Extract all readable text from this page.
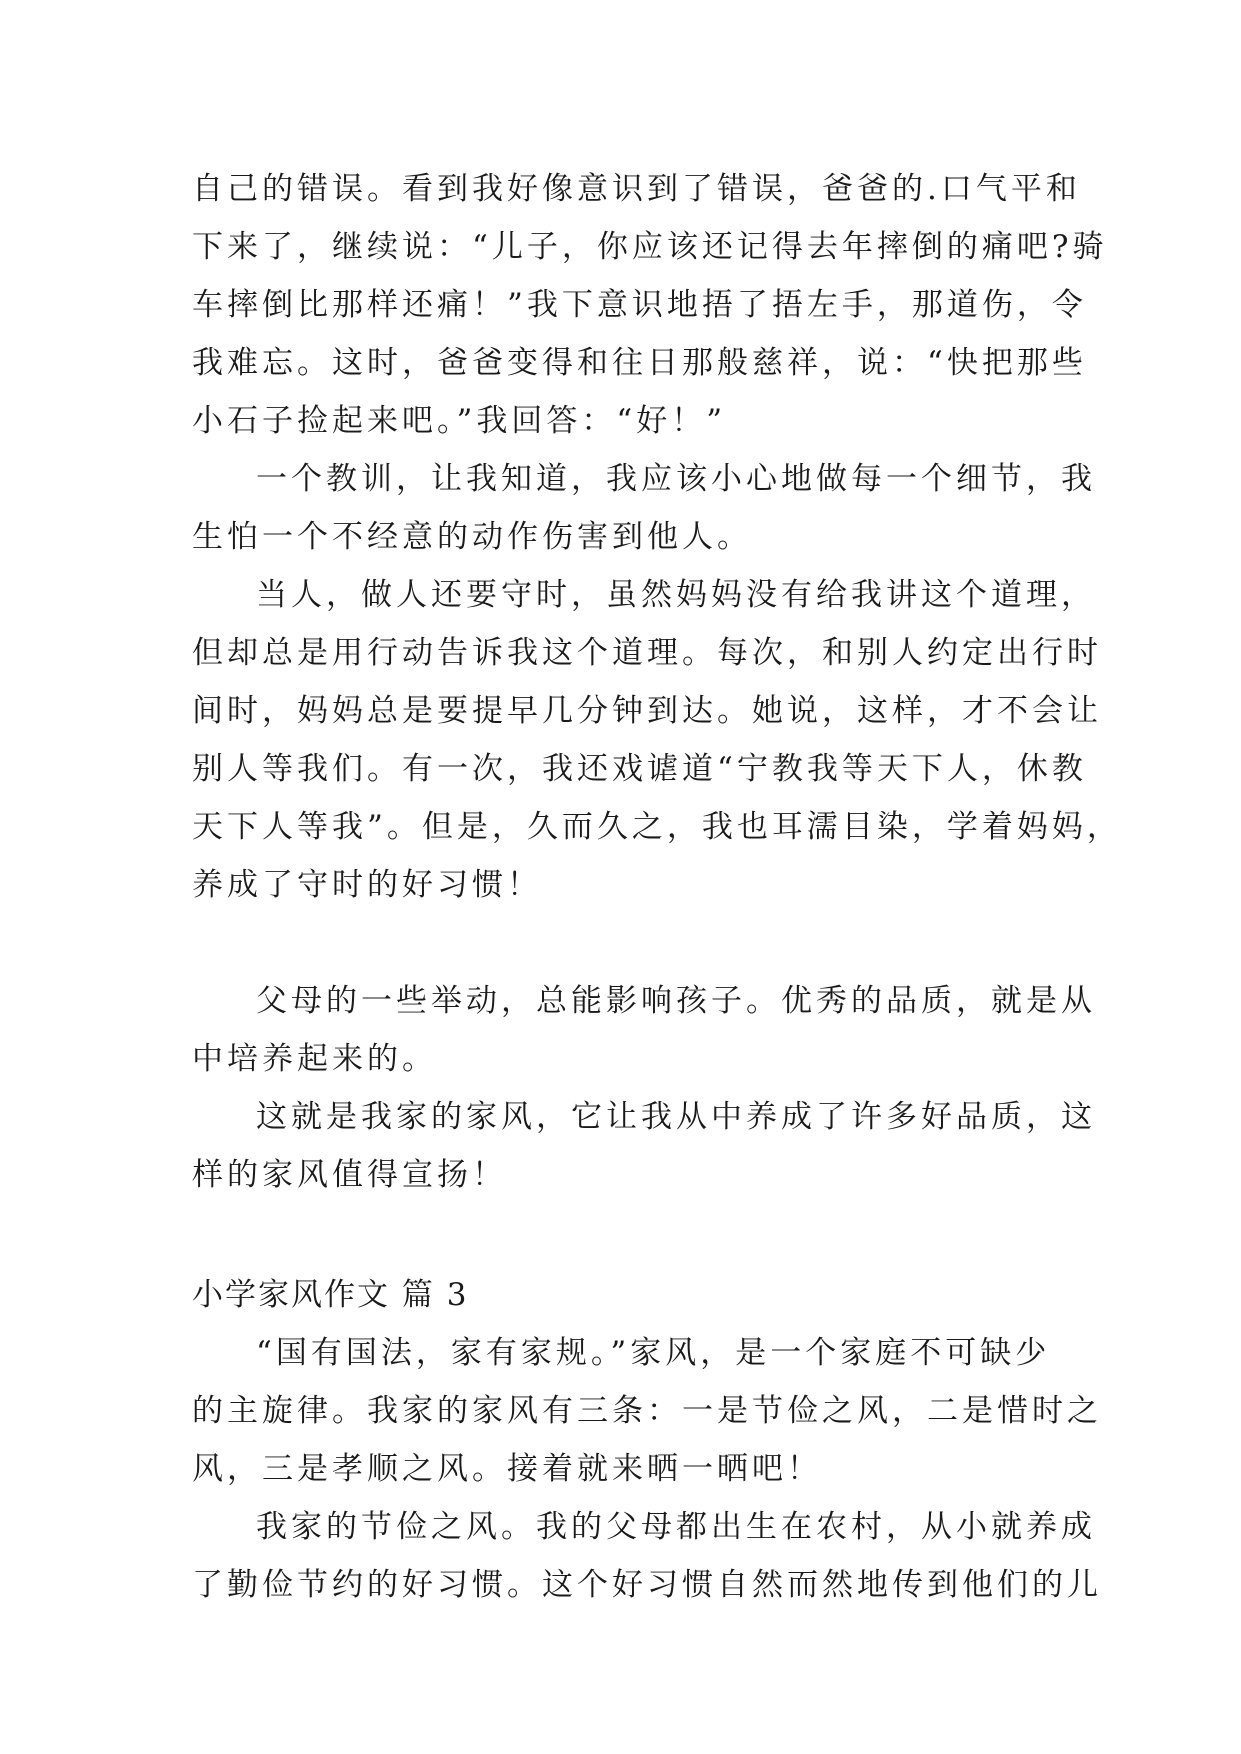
自己的错误。看到我好像意识到了错误，爸爸的.口气平和
下来了，继续说：“儿子，你应该还记得去年摔倒的痛吧?骑
车摔倒比那样还痛！”我下意识地捂了捂左手，那道伤，令
我难忘。这时，爸爸变得和往日那般慈祥，说：“快把那些
小石子捡起来吧。”我回答：“好！”
一个教训，让我知道，我应该小心地做每一个细节，我
生怕一个不经意的动作伤害到他人。
当人，做人还要守时，虽然妈妈没有给我讲这个道理，
但却总是用行动告诉我这个道理。每次，和别人约定出行时
间时，妈妈总是要提早几分钟到达。她说，这样，才不会让
别人等我们。有一次，我还戏谑道“宁教我等天下人，休教
天下人等我”。但是，久而久之，我也耳濡目染，学着妈妈，
养成了守时的好习惯！
父母的一些举动，总能影响孩子。优秀的品质，就是从
中培养起来的。
这就是我家的家风，它让我从中养成了许多好品质，这
样的家风值得宣扬！
小学家风作文 篇 3
“国有国法，家有家规。”家风，是一个家庭不可缺少
的主旋律。我家的家风有三条：一是节俭之风，二是惜时之
风，三是孝顺之风。接着就来晒一晒吧！
我家的节俭之风。我的父母都出生在农村，从小就养成
了勤俭节约的好习惯。这个好习惯自然而然地传到他们的儿
